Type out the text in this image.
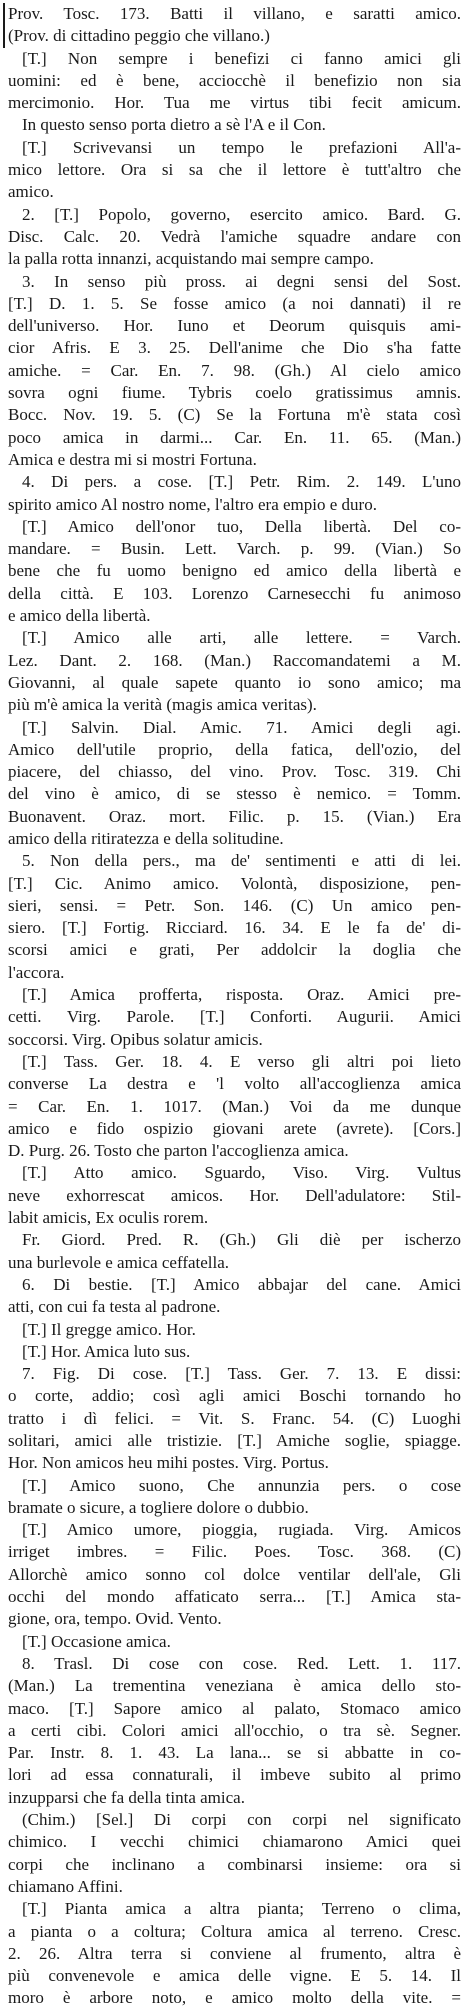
Prov. Tosc. 173. Batti il villano, e saratti amico.
(Prov. di cittadino peggio che villano.)
[T.] Non sempre i benefizi ci fanno amici gli
uomini: ed è bene, acciocchè il benefizio non sia
mercimonio. Hor. Tua me virtus tibi fecit amicum.
In questo senso porta dietro a sè l'A e il Con.
[T.] Scrivevansi un tempo le prefazioni All'a-
mico lettore. Ora si sa che il lettore è tutt'altro che
amico.
2. [T.] Popolo, governo, esercito amico. Bard. G.
Disc. Calc. 20. Vedrà l'amiche squadre andare con
la palla rotta innanzi, acquistando mai sempre campo.
3. In senso più pross. ai degni sensi del Sost.
[T.] D. 1. 5. Se fosse amico (a noi dannati) il re
dell'universo. Hor. Iuno et Deorum quisquis ami-
cior Afris. E 3. 25. Dell'anime che Dio s'ha fatte
amiche. = Car. En. 7. 98. (Gh.) Al cielo amico
sovra ogni fiume. Tybris coelo gratissimus amnis.
Bocc. Nov. 19. 5. (C) Se la Fortuna m'è stata così
poco amica in darmi... Car. En. 11. 65. (Man.)
Amica e destra mi si mostri Fortuna.
4. Di pers. a cose. [T.] Petr. Rim. 2. 149. L'uno
spirito amico Al nostro nome, l'altro era empio e duro.
[T.] Amico dell'onor tuo, Della libertà. Del co-
mandare. = Busin. Lett. Varch. p. 99. (Vian.) So
bene che fu uomo benigno ed amico della libertà e
della città. E 103. Lorenzo Carnesecchi fu animoso
e amico della libertà.
[T.] Amico alle arti, alle lettere. = Varch.
Lez. Dant. 2. 168. (Man.) Raccomandatemi a M.
Giovanni, al quale sapete quanto io sono amico; ma
più m'è amica la verità (magis amica veritas).
[T.] Salvin. Dial. Amic. 71. Amici degli agi.
Amico dell'utile proprio, della fatica, dell'ozio, del
piacere, del chiasso, del vino. Prov. Tosc. 319. Chi
del vino è amico, di se stesso è nemico. = Tomm.
Buonavent. Oraz. mort. Filic. p. 15. (Vian.) Era
amico della ritiratezza e della solitudine.
5. Non della pers., ma de' sentimenti e atti di lei.
[T.] Cic. Animo amico. Volontà, disposizione, pen-
sieri, sensi. = Petr. Son. 146. (C) Un amico pen-
siero. [T.] Fortig. Ricciard. 16. 34. E le fa de' di-
scorsi amici e grati, Per addolcir la doglia che
l'accora.
[T.] Amica profferta, risposta. Oraz. Amici pre-
cetti. Virg. Parole. [T.] Conforti. Augurii. Amici
soccorsi. Virg. Opibus solatur amicis.
[T.] Tass. Ger. 18. 4. E verso gli altri poi lieto
converse La destra e 'l volto all'accoglienza amica
= Car. En. 1. 1017. (Man.) Voi da me dunque
amico e fido ospizio giovani arete (avrete). [Cors.]
D. Purg. 26. Tosto che parton l'accoglienza amica.
[T.] Atto amico. Sguardo, Viso. Virg. Vultus
neve exhorrescat amicos. Hor. Dell'adulatore: Stil-
labit amicis, Ex oculis rorem.
Fr. Giord. Pred. R. (Gh.) Gli diè per ischerzo
una burlevole e amica ceffatella.
6. Di bestie. [T.] Amico abbajar del cane. Amici
atti, con cui fa testa al padrone.
[T.] Il gregge amico. Hor.
[T.] Hor. Amica luto sus.
7. Fig. Di cose. [T.] Tass. Ger. 7. 13. E dissi:
o corte, addio; così agli amici Boschi tornando ho
tratto i dì felici. = Vit. S. Franc. 54. (C) Luoghi
solitari, amici alle tristizie. [T.] Amiche soglie, spiagge.
Hor. Non amicos heu mihi postes. Virg. Portus.
[T.] Amico suono, Che annunzia pers. o cose
bramate o sicure, a togliere dolore o dubbio.
[T.] Amico umore, pioggia, rugiada. Virg. Amicos
irriget imbres. = Filic. Poes. Tosc. 368. (C)
Allorchè amico sonno col dolce ventilar dell'ale, Gli
occhi del mondo affaticato serra... [T.] Amica sta-
gione, ora, tempo. Ovid. Vento.
[T.] Occasione amica.
8. Trasl. Di cose con cose. Red. Lett. 1. 117.
(Man.) La trementina veneziana è amica dello sto-
maco. [T.] Sapore amico al palato, Stomaco amico
a certi cibi. Colori amici all'occhio, o tra sè. Segner.
Par. Instr. 8. 1. 43. La lana... se si abbatte in co-
lori ad essa connaturali, il imbeve subito al primo
inzupparsi che fa della tinta amica.
(Chim.) [Sel.] Di corpi con corpi nel significato
chimico. I vecchi chimici chiamarono Amici quei
corpi che inclinano a combinarsi insieme: ora si
chiamano Affini.
[T.] Pianta amica a altra pianta; Terreno o clima,
a pianta o a coltura; Coltura amica al terreno. Cresc.
2. 26. Altra terra si conviene al frumento, altra è
più convenevole e amica delle vigne. E 5. 14. Il
moro è arbore noto, e amico molto della vite. =
